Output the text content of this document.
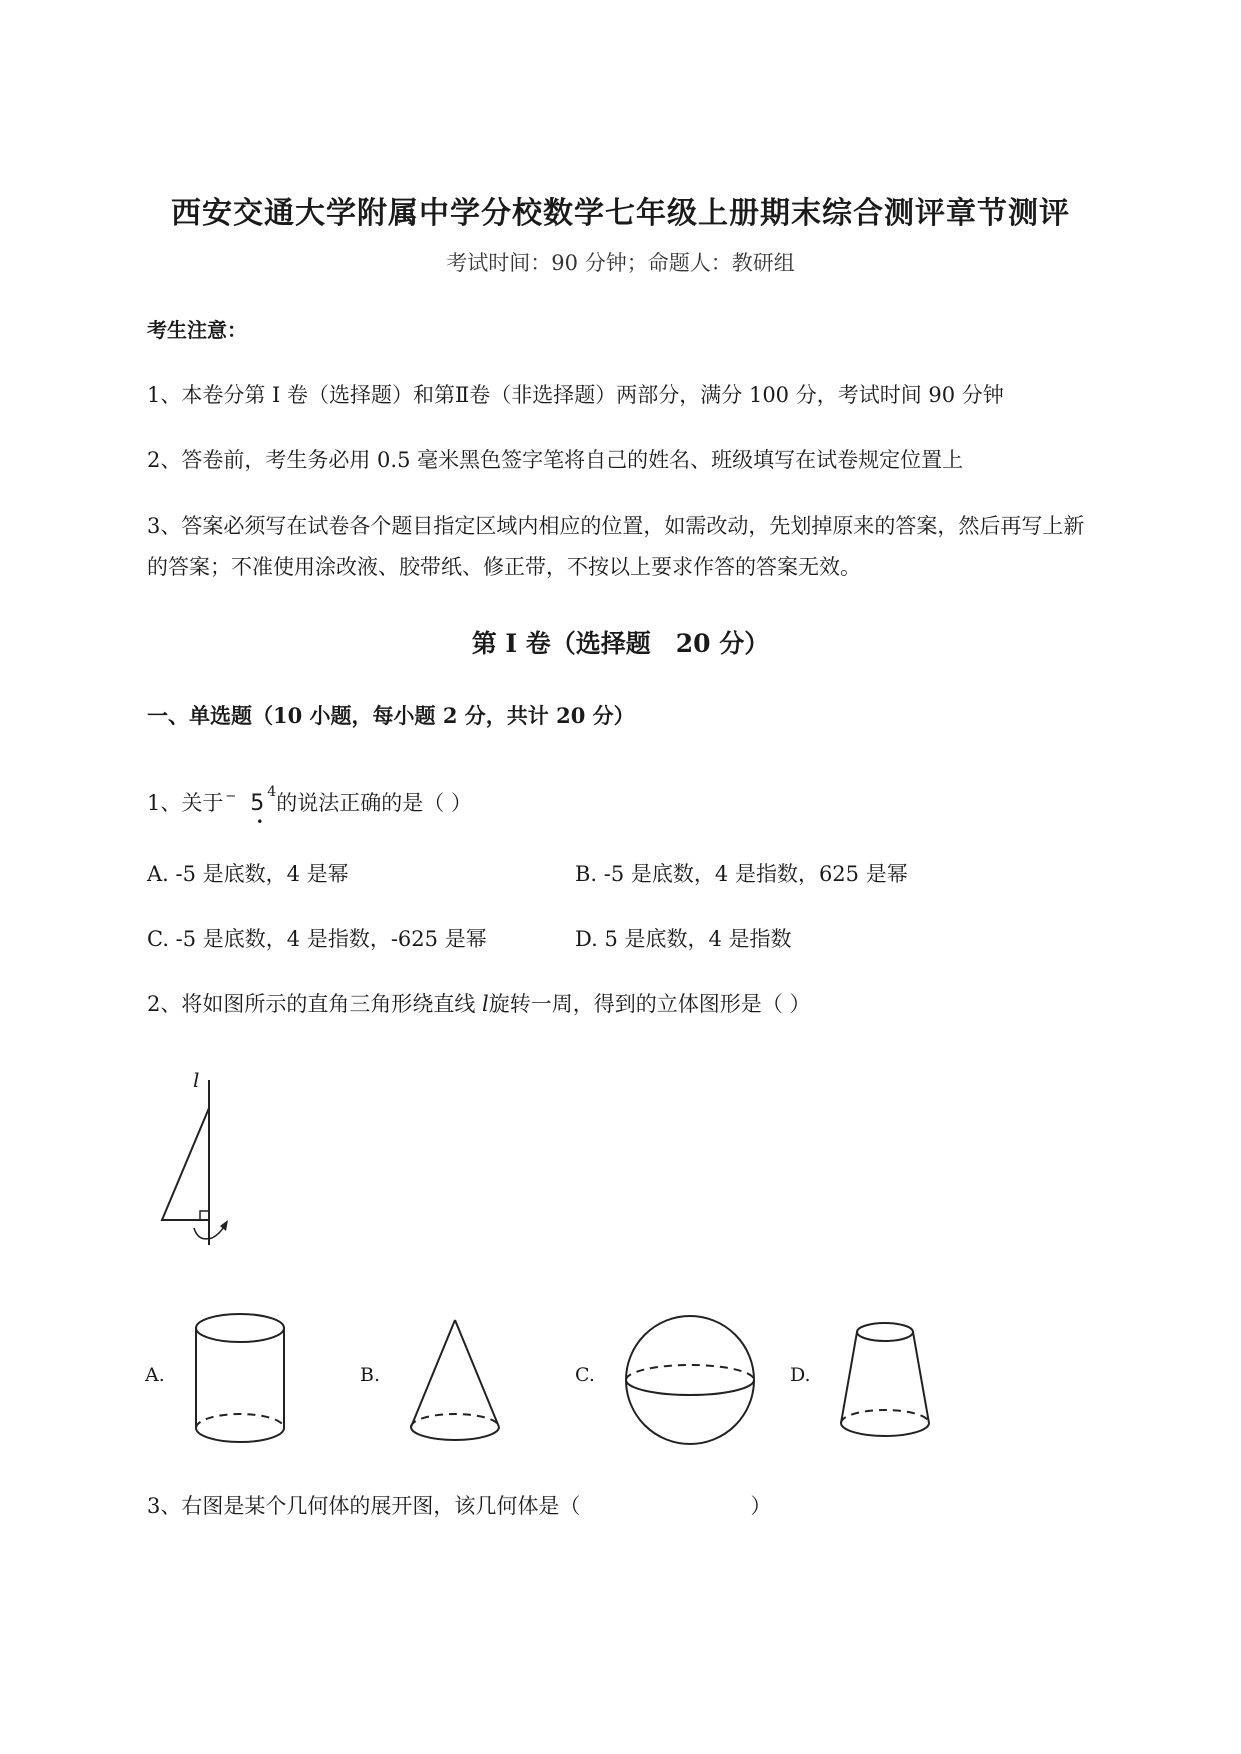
西安交通大学附属中学分校数学七年级上册期末综合测评章节测评
考试时间：90 分钟；命题人：教研组
考生注意：
1、本卷分第 I 卷（选择题）和第Ⅱ卷（非选择题）两部分，满分 100 分，考试时间 90 分钟
2、答卷前，考生务必用 0.5 毫米黑色签字笔将自己的姓名、班级填写在试卷规定位置上
3、答案必须写在试卷各个题目指定区域内相应的位置，如需改动，先划掉原来的答案，然后再写上新
的答案；不准使用涂改液、胶带纸、修正带，不按以上要求作答的答案无效。
第 I 卷（选择题　20 分）
一、单选题（10 小题，每小题 2 分，共计 20 分）
1、关于 − 5
•
$^4$的说法正确的是（ ）
A. -5 是底数，4 是幂	B. -5 是底数，4 是指数，625 是幂
C. -5 是底数，4 是指数，-625 是幂	D. 5 是底数，4 是指数
2、将如图所示的直角三角形绕直线 l旋转一周，得到的立体图形是（ ）
l
A.	B.	C.	D.
3、右图是某个几何体的展开图，该几何体是（	）
